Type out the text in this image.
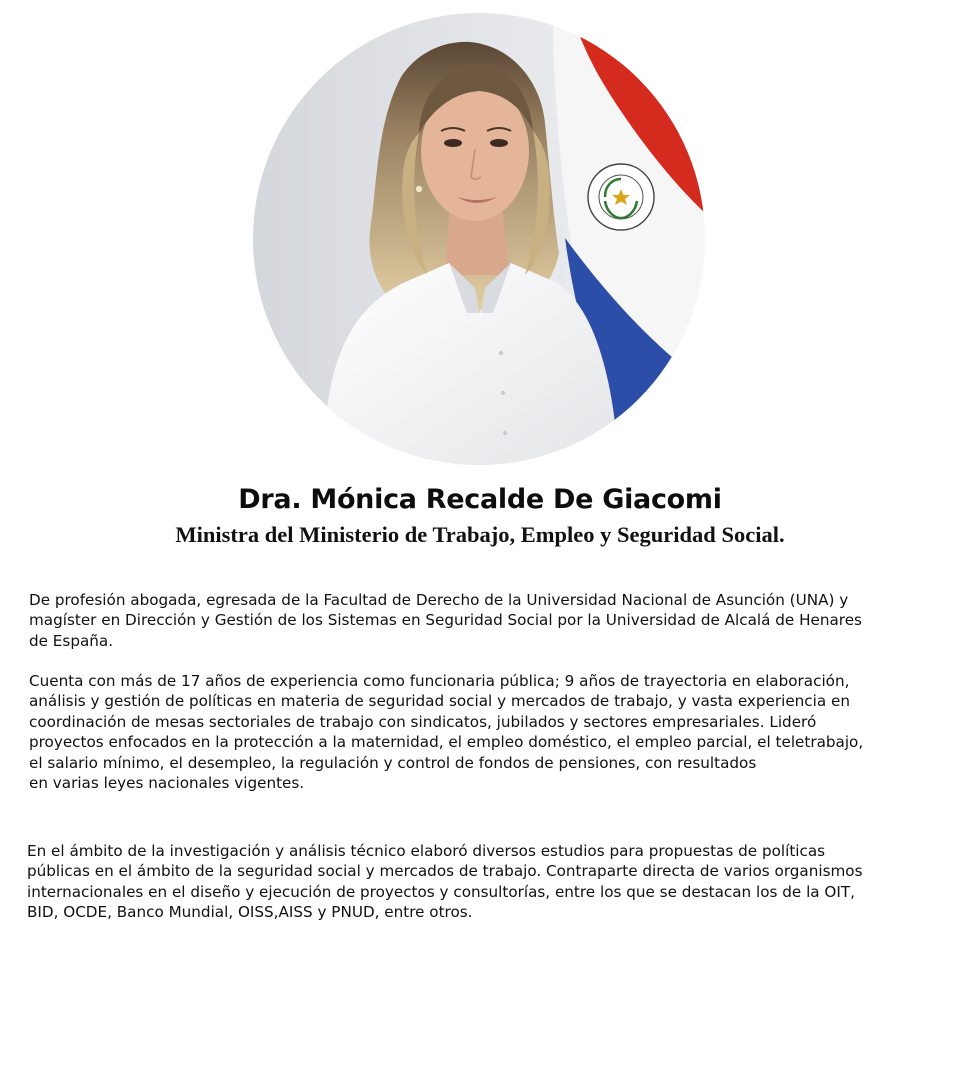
Dra. Mónica Recalde De Giacomi
Ministra del Ministerio de Trabajo, Empleo y Seguridad Social.
De profesión abogada, egresada de la Facultad de Derecho de la Universidad Nacional de Asunción (UNA) y
magíster en Dirección y Gestión de los Sistemas en Seguridad Social por la Universidad de Alcalá de Henares
de España.
Cuenta con más de 17 años de experiencia como funcionaria pública; 9 años de trayectoria en elaboración,
análisis y gestión de políticas en materia de seguridad social y mercados de trabajo, y vasta experiencia en
coordinación de mesas sectoriales de trabajo con sindicatos, jubilados y sectores empresariales. Lideró
proyectos enfocados en la protección a la maternidad, el empleo doméstico, el empleo parcial, el teletrabajo,
el salario mínimo, el desempleo, la regulación y control de fondos de pensiones, con resultados
en varias leyes nacionales vigentes.
En el ámbito de la investigación y análisis técnico elaboró diversos estudios para propuestas de políticas
públicas en el ámbito de la seguridad social y mercados de trabajo. Contraparte directa de varios organismos
internacionales en el diseño y ejecución de proyectos y consultorías, entre los que se destacan los de la OIT,
BID, OCDE, Banco Mundial, OISS,AISS y PNUD, entre otros.
